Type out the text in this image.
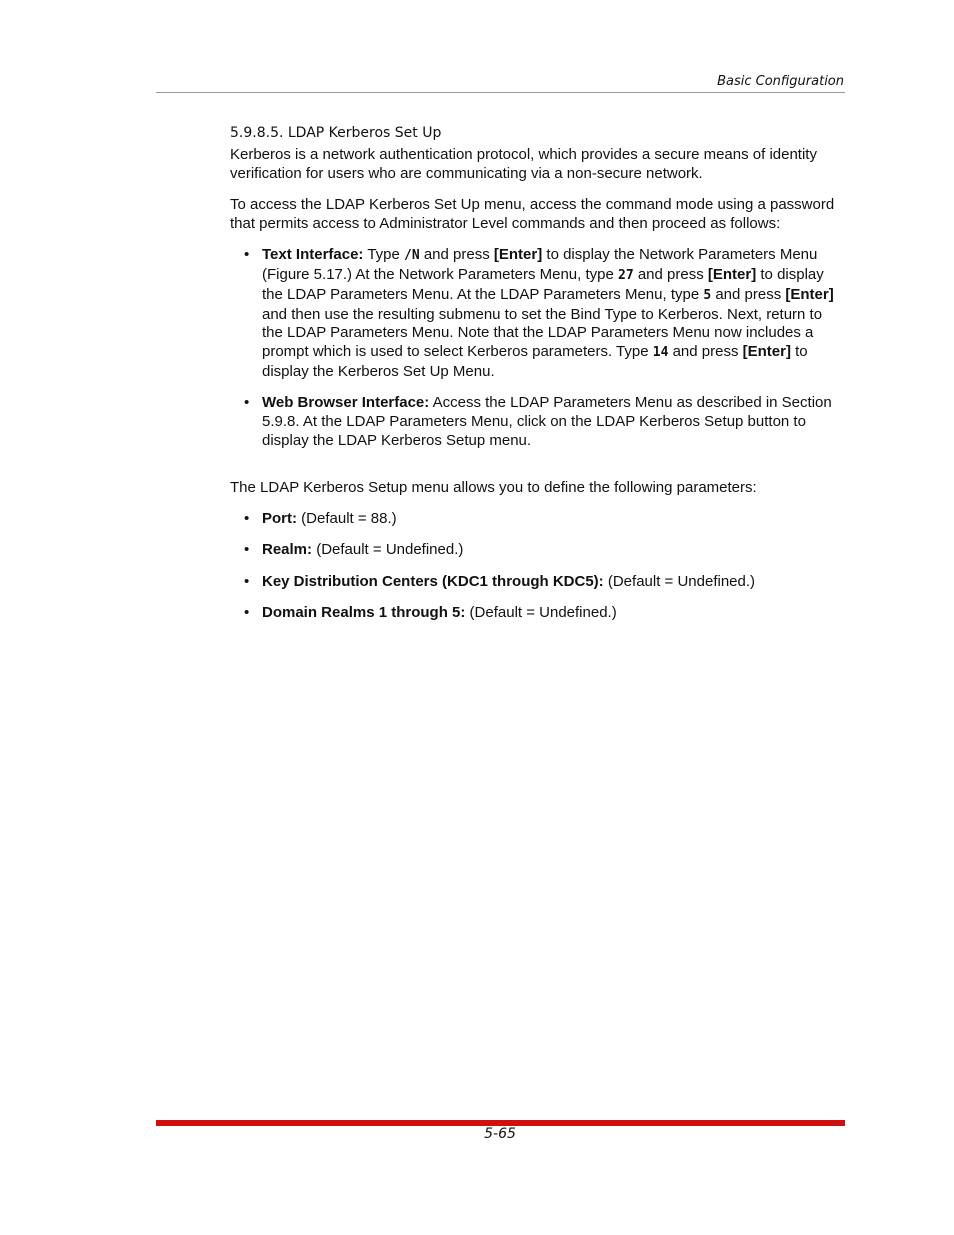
Basic Configuration
5.9.8.5. LDAP Kerberos Set Up

Kerberos is a network authentication protocol, which provides a secure means of identity verification for users who are communicating via a non-secure network.

To access the LDAP Kerberos Set Up menu, access the command mode using a password that permits access to Administrator Level commands and then proceed as follows:

• Text Interface: Type /N and press [Enter] to display the Network Parameters Menu (Figure 5.17.) At the Network Parameters Menu, type 27 and press [Enter] to display the LDAP Parameters Menu. At the LDAP Parameters Menu, type 5 and press [Enter] and then use the resulting submenu to set the Bind Type to Kerberos. Next, return to the LDAP Parameters Menu. Note that the LDAP Parameters Menu now includes a prompt which is used to select Kerberos parameters. Type 14 and press [Enter] to display the Kerberos Set Up Menu.
• Web Browser Interface: Access the LDAP Parameters Menu as described in Section 5.9.8. At the LDAP Parameters Menu, click on the LDAP Kerberos Setup button to display the LDAP Kerberos Setup menu.

The LDAP Kerberos Setup menu allows you to define the following parameters:

• Port: (Default = 88.)
• Realm: (Default = Undefined.)
• Key Distribution Centers (KDC1 through KDC5): (Default = Undefined.)
• Domain Realms 1 through 5: (Default = Undefined.)
5-65
